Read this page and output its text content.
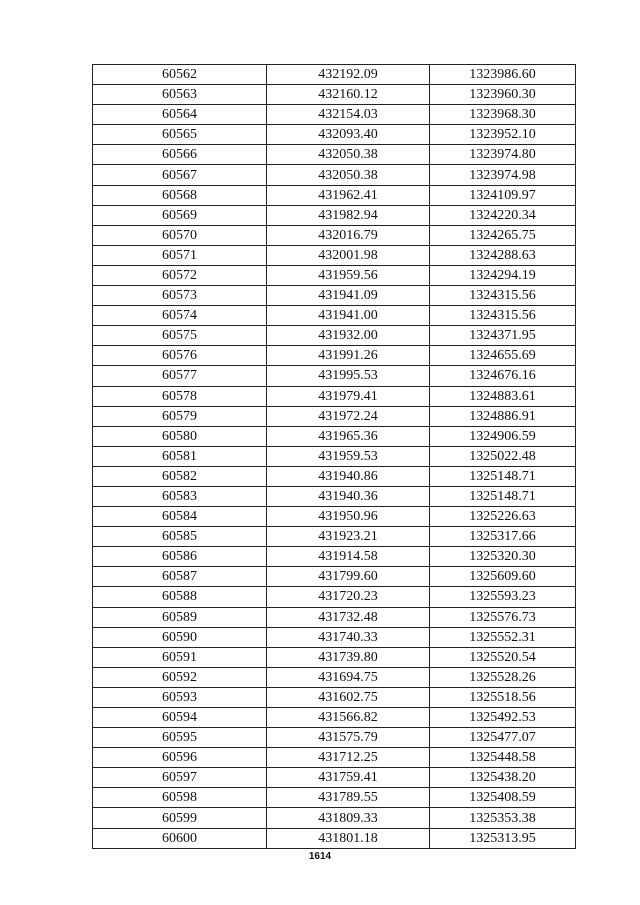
60562	432192.09	1323986.60
60563	432160.12	1323960.30
60564	432154.03	1323968.30
60565	432093.40	1323952.10
60566	432050.38	1323974.80
60567	432050.38	1323974.98
60568	431962.41	1324109.97
60569	431982.94	1324220.34
60570	432016.79	1324265.75
60571	432001.98	1324288.63
60572	431959.56	1324294.19
60573	431941.09	1324315.56
60574	431941.00	1324315.56
60575	431932.00	1324371.95
60576	431991.26	1324655.69
60577	431995.53	1324676.16
60578	431979.41	1324883.61
60579	431972.24	1324886.91
60580	431965.36	1324906.59
60581	431959.53	1325022.48
60582	431940.86	1325148.71
60583	431940.36	1325148.71
60584	431950.96	1325226.63
60585	431923.21	1325317.66
60586	431914.58	1325320.30
60587	431799.60	1325609.60
60588	431720.23	1325593.23
60589	431732.48	1325576.73
60590	431740.33	1325552.31
60591	431739.80	1325520.54
60592	431694.75	1325528.26
60593	431602.75	1325518.56
60594	431566.82	1325492.53
60595	431575.79	1325477.07
60596	431712.25	1325448.58
60597	431759.41	1325438.20
60598	431789.55	1325408.59
60599	431809.33	1325353.38
60600	431801.18	1325313.95
1614
